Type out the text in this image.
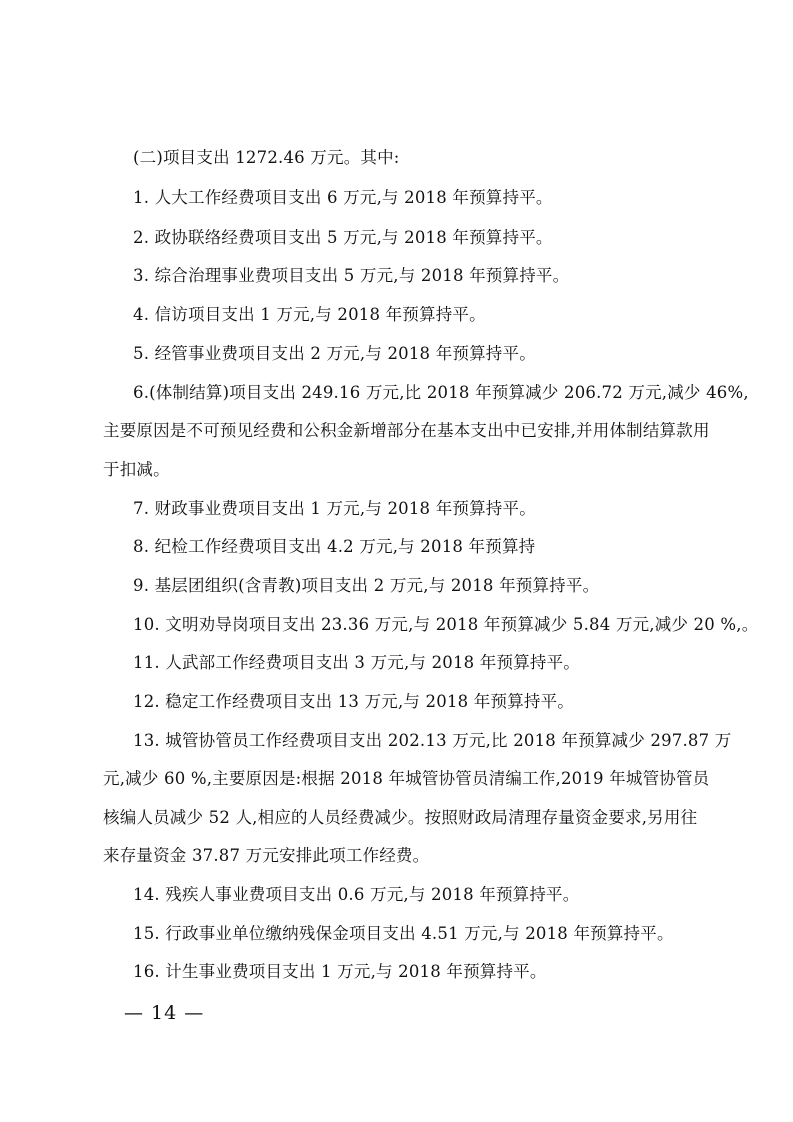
(二)项目支出 1272.46 万元。其中:
1. 人大工作经费项目支出 6 万元,与 2018 年预算持平。
2. 政协联络经费项目支出 5 万元,与 2018 年预算持平。
3. 综合治理事业费项目支出 5 万元,与 2018 年预算持平。
4. 信访项目支出 1 万元,与 2018 年预算持平。
5. 经管事业费项目支出 2 万元,与 2018 年预算持平。
6.(体制结算)项目支出 249.16 万元,比 2018 年预算减少 206.72 万元,减少 46%,
主要原因是不可预见经费和公积金新增部分在基本支出中已安排,并用体制结算款用
于扣减。
7. 财政事业费项目支出 1 万元,与 2018 年预算持平。
8. 纪检工作经费项目支出 4.2 万元,与 2018 年预算持
9. 基层团组织(含青教)项目支出 2 万元,与 2018 年预算持平。
10. 文明劝导岗项目支出 23.36 万元,与 2018 年预算减少 5.84 万元,减少 20 %,。
11. 人武部工作经费项目支出 3 万元,与 2018 年预算持平。
12. 稳定工作经费项目支出 13 万元,与 2018 年预算持平。
13. 城管协管员工作经费项目支出 202.13 万元,比 2018 年预算减少 297.87 万
元,减少 60 %,主要原因是:根据 2018 年城管协管员清编工作,2019 年城管协管员
核编人员减少 52 人,相应的人员经费减少。按照财政局清理存量资金要求,另用往
来存量资金 37.87 万元安排此项工作经费。
14. 残疾人事业费项目支出 0.6 万元,与 2018 年预算持平。
15. 行政事业单位缴纳残保金项目支出 4.51 万元,与 2018 年预算持平。
16. 计生事业费项目支出 1 万元,与 2018 年预算持平。
— 14 —
